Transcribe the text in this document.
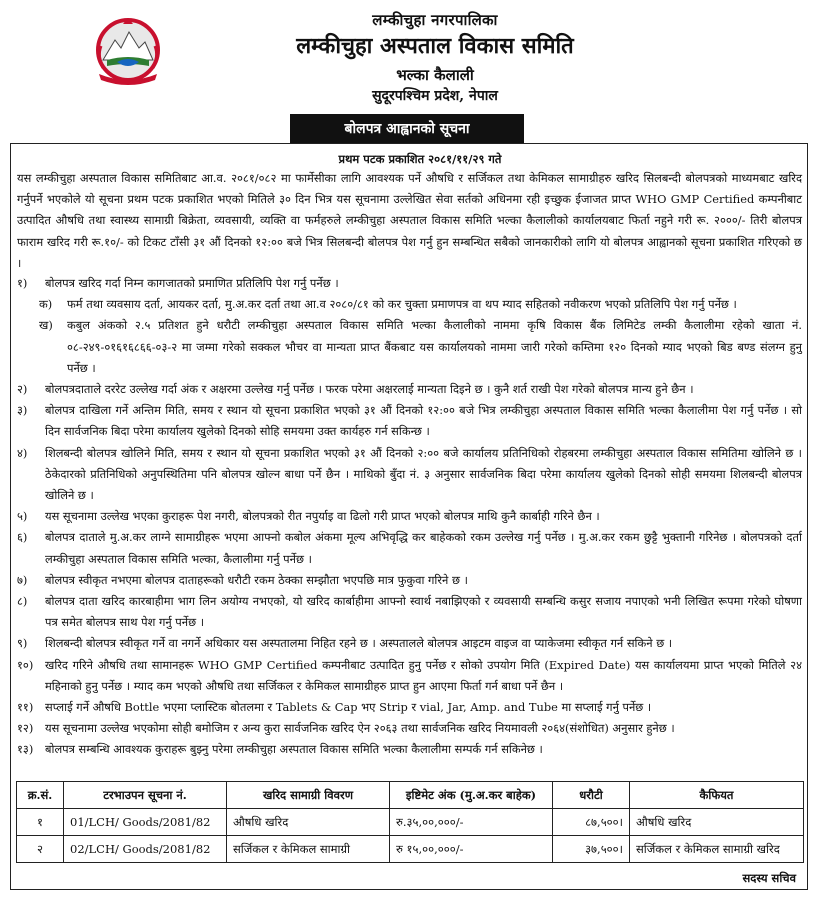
लम्कीचुहा नगरपालिका
लम्कीचुहा अस्पताल विकास समिति
भल्का कैलाली
सुदूरपश्चिम प्रदेश, नेपाल
बोलपत्र आह्वानको सूचना
प्रथम पटक प्रकाशित २०८१/११/२९ गते

यस लम्कीचुहा अस्पताल विकास समितिबाट आ.व. २०८१/०८२ मा फार्मेसीका लागि आवश्यक पर्ने औषधि र सर्जिकल तथा केमिकल सामाग्रीहरु खरिद सिलबन्दी बोलपत्रको माध्यमबाट खरिद गर्नुपर्ने भएकोले यो सूचना प्रथम पटक प्रकाशित भएको मितिले ३० दिन भित्र यस सूचनामा उल्लेखित सेवा सर्तको अधिनमा रही इच्छुक ईजाजत प्राप्त WHO GMP Certified कम्पनीबाट उत्पादित औषधि तथा स्वास्थ्य सामाग्री बिक्रेता, व्यवसायी, व्यक्ति वा फर्महरुले लम्कीचुहा अस्पताल विकास समिति भल्का कैलालीको कार्यालयबाट फिर्ता नहुने गरी रू. २०००/- तिरी बोलपत्र फाराम खरिद गरी रू.१०/- को टिकट टाँसी ३१ औं दिनको १२:०० बजे भित्र सिलबन्दी बोलपत्र पेश गर्नु हुन सम्बन्धित सबैको जानकारीको लागि यो बोलपत्र आह्वानको सूचना प्रकाशित गरिएको छ ।

१)	बोलपत्र खरिद गर्दा निम्न कागजातको प्रमाणित प्रतिलिपि पेश गर्नु पर्नेछ ।
क)	फर्म तथा व्यवसाय दर्ता, आयकर दर्ता, मु.अ.कर दर्ता तथा आ.व २०८०/८१ को कर चुक्ता प्रमाणपत्र वा थप म्याद सहितको नवीकरण भएको प्रतिलिपि पेश गर्नु पर्नेछ ।
ख)	कबुल अंकको २.५ प्रतिशत हुने धरौटी लम्कीचुहा अस्पताल विकास समिति भल्का कैलालीको नाममा कृषि विकास बैंक लिमिटेड लम्की कैलालीमा रहेको खाता नं. ०८-२४९-०१६१६८६६-०३-२ मा जम्मा गरेको सक्कल भौचर वा मान्यता प्राप्त बैंकबाट यस कार्यालयको नाममा जारी गरेको कम्तिमा १२० दिनको म्याद भएको बिड बण्ड संलग्न हुनु पर्नेछ ।
२)	बोलपत्रदाताले दररेट उल्लेख गर्दा अंक र अक्षरमा उल्लेख गर्नु पर्नेछ । फरक परेमा अक्षरलाई मान्यता दिइने छ । कुनै शर्त राखी पेश गरेको बोलपत्र मान्य हुने छैन ।
३)	बोलपत्र दाखिला गर्ने अन्तिम मिति, समय र स्थान यो सूचना प्रकाशित भएको ३१ औं दिनको १२:०० बजे भित्र लम्कीचुहा अस्पताल विकास समिति भल्का कैलालीमा पेश गर्नु पर्नेछ । सो दिन सार्वजनिक बिदा परेमा कार्यालय खुलेको दिनको सोहि समयमा उक्त कार्यहरु गर्न सकिन्छ ।
४)	शिलबन्दी बोलपत्र खोलिने मिति, समय र स्थान यो सूचना प्रकाशित भएको ३१ औं दिनको २:०० बजे कार्यालय प्रतिनिधिको रोहबरमा लम्कीचुहा अस्पताल विकास समितिमा खोलिने छ । ठेकेदारको प्रतिनिधिको अनुपस्थितिमा पनि बोलपत्र खोल्न बाधा पर्ने छैन । माथिको बुँदा नं. ३ अनुसार सार्वजनिक बिदा परेमा कार्यालय खुलेको दिनको सोही समयमा शिलबन्दी बोलपत्र खोलिने छ ।
५)	यस सूचनामा उल्लेख भएका कुराहरू पेश नगरी, बोलपत्रको रीत नपुर्याइ वा ढिलो गरी प्राप्त भएको बोलपत्र माथि कुनै कार्बाही गरिने छैन ।
६)	बोलपत्र दाताले मु.अ.कर लाग्ने सामाग्रीहरू भएमा आफ्नो कबोल अंकमा मूल्य अभिवृद्धि कर बाहेकको रकम उल्लेख गर्नु पर्नेछ । मु.अ.कर रकम छुट्टै भुक्तानी गरिनेछ । बोलपत्रको दर्ता लम्कीचुहा अस्पताल विकास समिति भल्का, कैलालीमा गर्नु पर्नेछ ।
७)	बोलपत्र स्वीकृत नभएमा बोलपत्र दाताहरूको धरौटी रकम ठेक्का सम्झौता भएपछि मात्र फुकुवा गरिने छ ।
८)	बोलपत्र दाता खरिद कारबाहीमा भाग लिन अयोग्य नभएको, यो खरिद कार्बाहीमा आफ्नो स्वार्थ नबाझिएको र व्यवसायी सम्बन्धि कसुर सजाय नपाएको भनी लिखित रूपमा गरेको घोषणा पत्र समेत बोलपत्र साथ पेश गर्नु पर्नेछ ।
९)	शिलबन्दी बोलपत्र स्वीकृत गर्ने वा नगर्ने अधिकार यस अस्पतालमा निहित रहने छ । अस्पतालले बोलपत्र आइटम वाइज वा प्याकेजमा स्वीकृत गर्न सकिने छ ।
१०)	खरिद गरिने औषधि तथा सामानहरू WHO GMP Certified कम्पनीबाट उत्पादित हुनु पर्नेछ र सोको उपयोग मिति (Expired Date) यस कार्यालयमा प्राप्त भएको मितिले २४ महिनाको हुनु पर्नेछ । म्याद कम भएको औषधि तथा सर्जिकल र केमिकल सामाग्रीहरु प्राप्त हुन आएमा फिर्ता गर्न बाधा पर्ने छैन ।
११)	सप्लाई गर्ने औषधि Bottle भएमा प्लास्टिक बोतलमा र Tablets & Cap भए Strip र vial, Jar, Amp. and Tube मा सप्लाई गर्नु पर्नेछ ।
१२)	यस सूचनामा उल्लेख भएकोमा सोही बमोजिम र अन्य कुरा सार्वजनिक खरिद ऐन २०६३ तथा सार्वजनिक खरिद नियमावली २०६४(संशोधित) अनुसार हुनेछ ।
१३)	बोलपत्र सम्बन्धि आवश्यक कुराहरू बुझ्नु परेमा लम्कीचुहा अस्पताल विकास समिति भल्का कैलालीमा सम्पर्क गर्न सकिनेछ ।
क्र.सं.	टरभाउपन सूचना नं.	खरिद सामाग्री विवरण	इष्टिमेट अंक (मु.अ.कर बाहेक)	धरौटी	कैफियत
१	01/LCH/ Goods/2081/82	औषधि खरिद	रु.३५,००,०००/-	८७,५००।	औषधि खरिद
२	02/LCH/ Goods/2081/82	सर्जिकल र केमिकल सामाग्री	रु १५,००,०००/-	३७,५००।	सर्जिकल र केमिकल सामाग्री खरिद
सदस्य सचिव
